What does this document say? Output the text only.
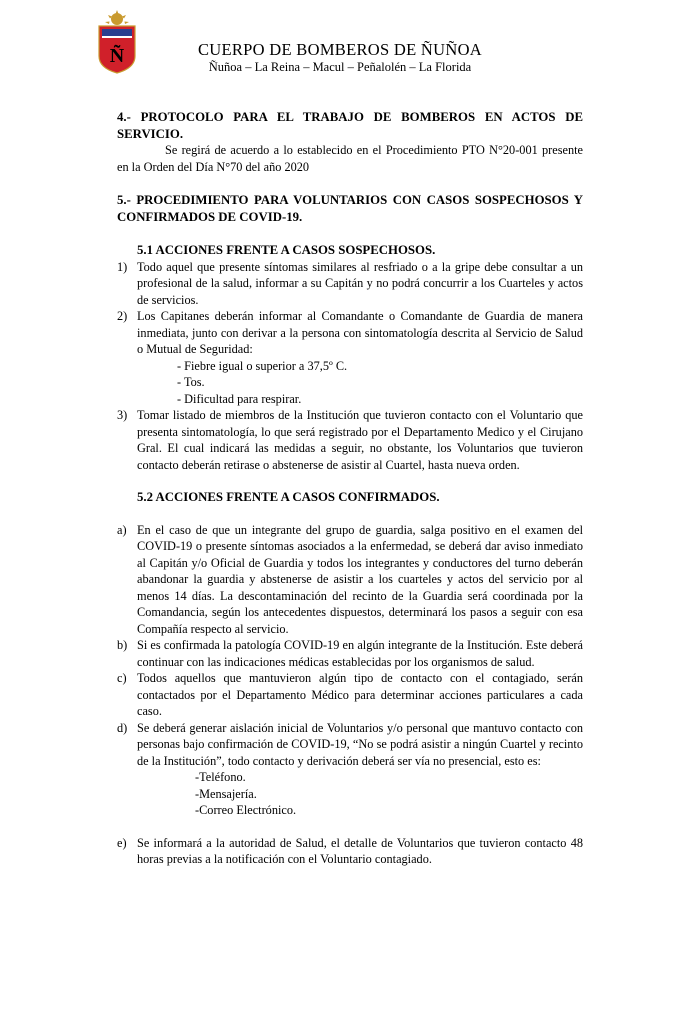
Ñ	CUERPO DE BOMBEROS DE ÑUÑOA
Ñuñoa – La Reina – Macul – Peñalolén – La Florida

4.- PROTOCOLO PARA EL TRABAJO DE BOMBEROS EN ACTOS DE SERVICIO.

Se regirá de acuerdo a lo establecido en el Procedimiento PTO N°20-001 presente en la Orden del Día N°70 del año 2020

5.- PROCEDIMIENTO PARA VOLUNTARIOS CON CASOS SOSPECHOSOS Y CONFIRMADOS DE COVID-19.

5.1 ACCIONES FRENTE A CASOS SOSPECHOSOS.

1) Todo aquel que presente síntomas similares al resfriado o a la gripe debe consultar a un profesional de la salud, informar a su Capitán y no podrá concurrir a los Cuarteles y actos de servicios.
2) Los Capitanes deberán informar al Comandante o Comandante de Guardia de manera inmediata, junto con derivar a la persona con sintomatología descrita al Servicio de Salud o Mutual de Seguridad:
- Fiebre igual o superior a 37,5º C.
- Tos.
- Dificultad para respirar.
3) Tomar listado de miembros de la Institución que tuvieron contacto con el Voluntario que presenta sintomatología, lo que será registrado por el Departamento Medico y el Cirujano Gral. El cual indicará las medidas a seguir, no obstante, los Voluntarios que tuvieron contacto deberán retirase o abstenerse de asistir al Cuartel, hasta nueva orden.

5.2 ACCIONES FRENTE A CASOS CONFIRMADOS.

a) En el caso de que un integrante del grupo de guardia, salga positivo en el examen del COVID-19 o presente síntomas asociados a la enfermedad, se deberá dar aviso inmediato al Capitán y/o Oficial de Guardia y todos los integrantes y conductores del turno deberán abandonar la guardia y abstenerse de asistir a los cuarteles y actos del servicio por al menos 14 días. La descontaminación del recinto de la Guardia será coordinada por la Comandancia, según los antecedentes dispuestos, determinará los pasos a seguir con esa Compañía respecto al servicio.
b) Si es confirmada la patología COVID-19 en algún integrante de la Institución. Este deberá continuar con las indicaciones médicas establecidas por los organismos de salud.
c) Todos aquellos que mantuvieron algún tipo de contacto con el contagiado, serán contactados por el Departamento Médico para determinar acciones particulares a cada caso.
d) Se deberá generar aislación inicial de Voluntarios y/o personal que mantuvo contacto con personas bajo confirmación de COVID-19, “No se podrá asistir a ningún Cuartel y recinto de la Institución”, todo contacto y derivación deberá ser vía no presencial, esto es:
-Teléfono.
-Mensajería.
-Correo Electrónico.
e) Se informará a la autoridad de Salud, el detalle de Voluntarios que tuvieron contacto 48 horas previas a la notificación con el Voluntario contagiado.
